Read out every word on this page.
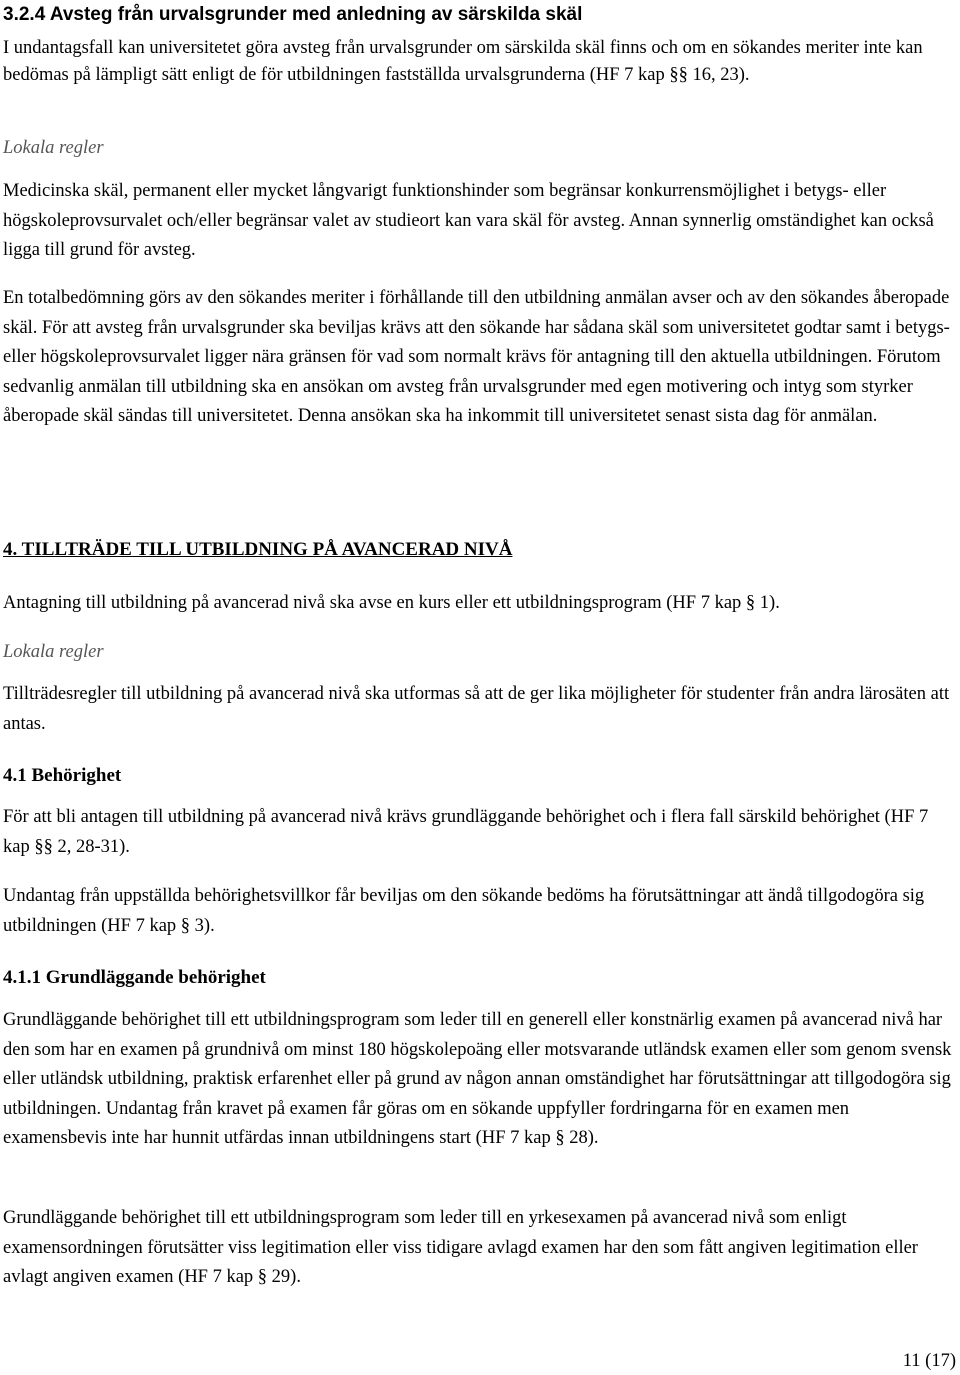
3.2.4 Avsteg från urvalsgrunder med anledning av särskilda skäl

I undantagsfall kan universitetet göra avsteg från urvalsgrunder om särskilda skäl finns och om en sökandes meriter inte kan bedömas på lämpligt sätt enligt de för utbildningen fastställda urvalsgrunderna (HF 7 kap §§ 16, 23).

Lokala regler

Medicinska skäl, permanent eller mycket långvarigt funktionshinder som begränsar konkurrensmöjlighet i betygs- eller högskoleprovsurvalet och/eller begränsar valet av studieort kan vara skäl för avsteg. Annan synnerlig omständighet kan också ligga till grund för avsteg.

En totalbedömning görs av den sökandes meriter i förhållande till den utbildning anmälan avser och av den sökandes åberopade skäl. För att avsteg från urvalsgrunder ska beviljas krävs att den sökande har sådana skäl som universitetet godtar samt i betygs- eller högskoleprovsurvalet ligger nära gränsen för vad som normalt krävs för antagning till den aktuella utbildningen. Förutom sedvanlig anmälan till utbildning ska en ansökan om avsteg från urvalsgrunder med egen motivering och intyg som styrker åberopade skäl sändas till universitetet. Denna ansökan ska ha inkommit till universitetet senast sista dag för anmälan.

4. TILLTRÄDE TILL UTBILDNING PÅ AVANCERAD NIVÅ

Antagning till utbildning på avancerad nivå ska avse en kurs eller ett utbildningsprogram (HF 7 kap § 1).

Lokala regler

Tillträdesregler till utbildning på avancerad nivå ska utformas så att de ger lika möjligheter för studenter från andra lärosäten att antas.

4.1 Behörighet

För att bli antagen till utbildning på avancerad nivå krävs grundläggande behörighet och i flera fall särskild behörighet (HF 7 kap §§ 2, 28-31).

Undantag från uppställda behörighetsvillkor får beviljas om den sökande bedöms ha förutsättningar att ändå tillgodogöra sig utbildningen (HF 7 kap § 3).

4.1.1 Grundläggande behörighet

Grundläggande behörighet till ett utbildningsprogram som leder till en generell eller konstnärlig examen på avancerad nivå har den som har en examen på grundnivå om minst 180 högskolepoäng eller motsvarande utländsk examen eller som genom svensk eller utländsk utbildning, praktisk erfarenhet eller på grund av någon annan omständighet har förutsättningar att tillgodogöra sig utbildningen. Undantag från kravet på examen får göras om en sökande uppfyller fordringarna för en examen men examensbevis inte har hunnit utfärdas innan utbildningens start (HF 7 kap § 28).

Grundläggande behörighet till ett utbildningsprogram som leder till en yrkesexamen på avancerad nivå som enligt examensordningen förutsätter viss legitimation eller viss tidigare avlagd examen har den som fått angiven legitimation eller avlagt angiven examen (HF 7 kap § 29).

11 (17)
